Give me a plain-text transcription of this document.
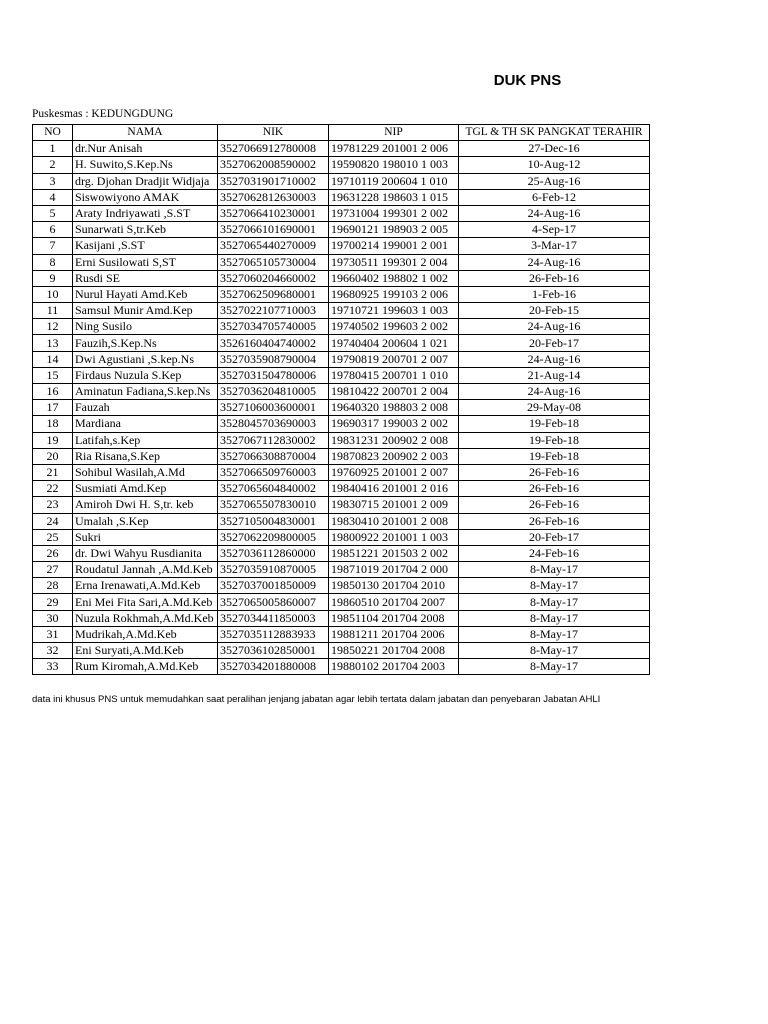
DUK PNS
Puskesmas : KEDUNGDUNG
NO	NAMA	NIK	NIP	TGL & TH SK PANGKAT TERAHIR
1	dr.Nur Anisah	3527066912780008	19781229 201001 2 006	27-Dec-16
2	H. Suwito,S.Kep.Ns	3527062008590002	19590820 198010 1 003	10-Aug-12
3	drg. Djohan Dradjit Widjaja	3527031901710002	19710119 200604 1 010	25-Aug-16
4	Siswowiyono AMAK	3527062812630003	19631228 198603 1 015	6-Feb-12
5	Araty Indriyawati ,S.ST	3527066410230001	19731004 199301 2 002	24-Aug-16
6	Sunarwati S,tr.Keb	3527066101690001	19690121 198903 2 005	4-Sep-17
7	Kasijani ,S.ST	3527065440270009	19700214 199001 2 001	3-Mar-17
8	Erni Susilowati S,ST	3527065105730004	19730511 199301 2 004	24-Aug-16
9	Rusdi SE	3527060204660002	19660402 198802 1 002	26-Feb-16
10	Nurul Hayati Amd.Keb	3527062509680001	19680925 199103 2 006	1-Feb-16
11	Samsul Munir Amd.Kep	3527022107710003	19710721 199603 1 003	20-Feb-15
12	Ning Susilo	3527034705740005	19740502 199603 2 002	24-Aug-16
13	Fauzih,S.Kep.Ns	3526160404740002	19740404 200604 1 021	20-Feb-17
14	Dwi Agustiani ,S.kep.Ns	3527035908790004	19790819 200701 2 007	24-Aug-16
15	Firdaus Nuzula S.Kep	3527031504780006	19780415 200701 1 010	21-Aug-14
16	Aminatun Fadiana,S.kep.Ns	3527036204810005	19810422 200701 2 004	24-Aug-16
17	Fauzah	3527106003600001	19640320 198803 2 008	29-May-08
18	Mardiana	3528045703690003	19690317 199003 2 002	19-Feb-18
19	Latifah,s.Kep	3527067112830002	19831231 200902 2 008	19-Feb-18
20	Ria Risana,S.Kep	3527066308870004	19870823 200902 2 003	19-Feb-18
21	Sohibul Wasilah,A.Md	3527066509760003	19760925 201001 2 007	26-Feb-16
22	Susmiati Amd.Kep	3527065604840002	19840416 201001 2 016	26-Feb-16
23	Amiroh Dwi H. S,tr. keb	3527065507830010	19830715 201001 2 009	26-Feb-16
24	Umalah ,S.Kep	3527105004830001	19830410 201001 2 008	26-Feb-16
25	Sukri	3527062209800005	19800922 201001 1 003	20-Feb-17
26	dr. Dwi Wahyu Rusdianita	3527036112860000	19851221 201503 2 002	24-Feb-16
27	Roudatul Jannah ,A.Md.Keb	3527035910870005	19871019 201704 2 000	8-May-17
28	Erna Irenawati,A.Md.Keb	3527037001850009	19850130 201704 2010	8-May-17
29	Eni Mei Fita Sari,A.Md.Keb	3527065005860007	19860510 201704 2007	8-May-17
30	Nuzula Rokhmah,A.Md.Keb	3527034411850003	19851104 201704 2008	8-May-17
31	Mudrikah,A.Md.Keb	3527035112883933	19881211 201704 2006	8-May-17
32	Eni Suryati,A.Md.Keb	3527036102850001	19850221 201704 2008	8-May-17
33	Rum Kiromah,A.Md.Keb	3527034201880008	19880102 201704 2003	8-May-17
data ini khusus PNS untuk memudahkan saat peralihan jenjang jabatan agar lebih tertata dalam jabatan dan penyebaran Jabatan AHLI
